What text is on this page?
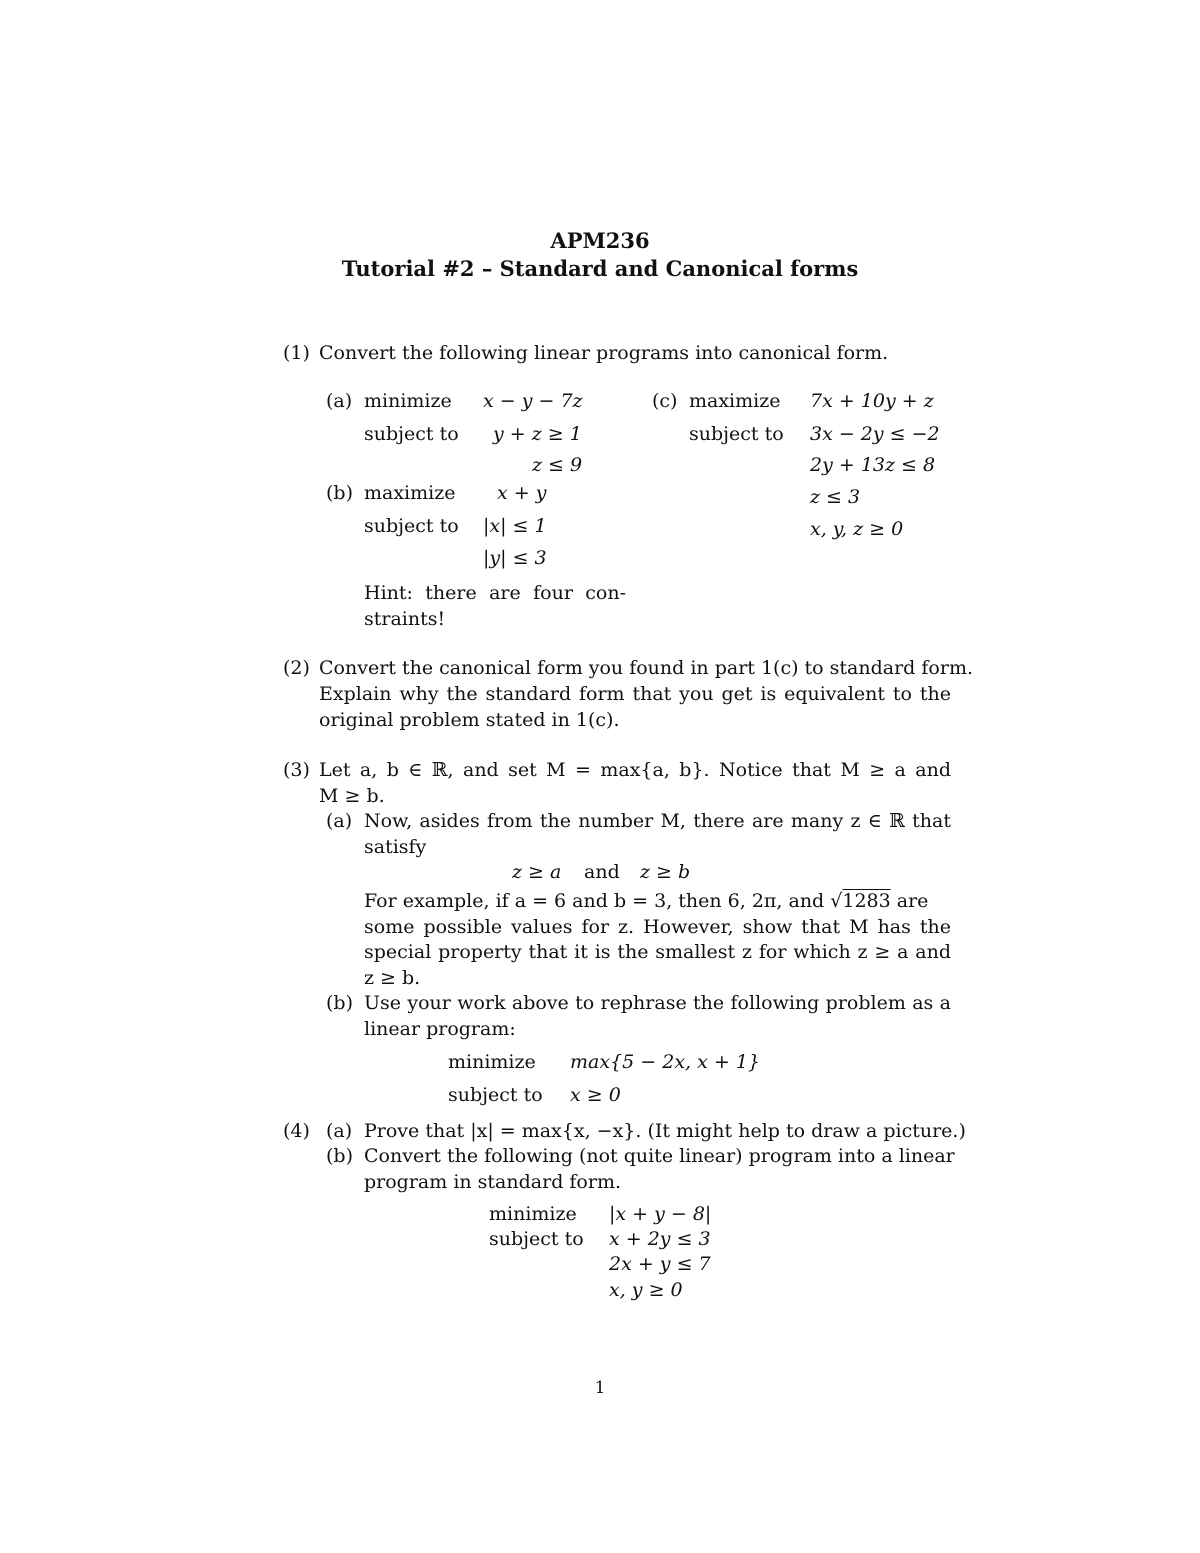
APM236
Tutorial #2 – Standard and Canonical forms
(1) Convert the following linear programs into canonical form.
(a) minimize x − y − 7z
subject to y + z ≥ 1
z ≤ 9
(b) maximize x + y
subject to |x| ≤ 1
|y| ≤ 3
Hint: there are four con-
straints!
(c) maximize 7x + 10y + z
subject to 3x − 2y ≤ −2
2y + 13z ≤ 8
z ≤ 3
x, y, z ≥ 0
(2) Convert the canonical form you found in part 1(c) to standard form.
Explain why the standard form that you get is equivalent to the
original problem stated in 1(c).
(3) Let a, b ∈ ℝ, and set M = max{a, b}. Notice that M ≥ a and
M ≥ b.
(a) Now, asides from the number M, there are many z ∈ ℝ that
satisfy
z ≥ a and z ≥ b
For example, if a = 6 and b = 3, then 6, 2π, and √1283 are
some possible values for z. However, show that M has the
special property that it is the smallest z for which z ≥ a and
z ≥ b.
(b) Use your work above to rephrase the following problem as a
linear program:
minimize max{5 − 2x, x + 1}
subject to x ≥ 0
(4) (a) Prove that |x| = max{x, −x}. (It might help to draw a picture.)
(b) Convert the following (not quite linear) program into a linear
program in standard form.
minimize |x + y − 8|
subject to x + 2y ≤ 3
2x + y ≤ 7
x, y ≥ 0
1
